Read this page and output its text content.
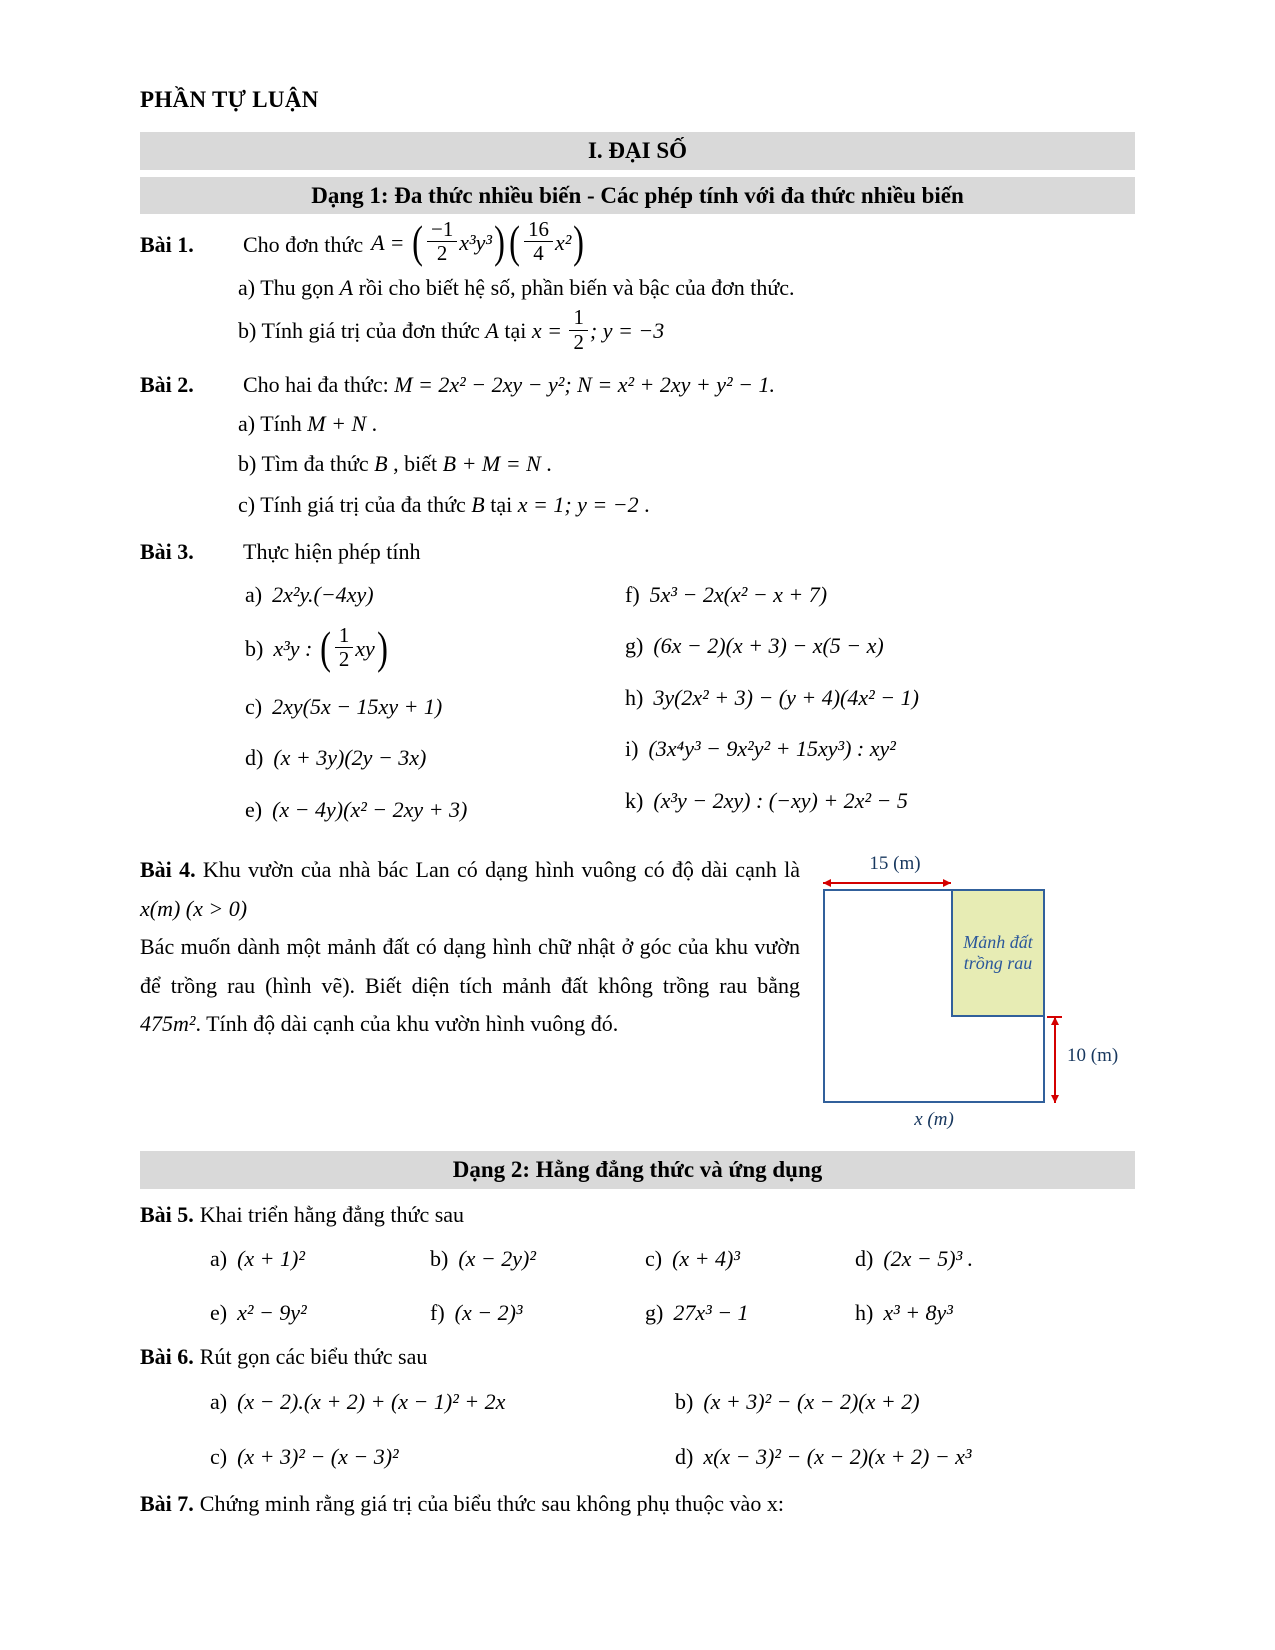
PHẦN TỰ LUẬN
I. ĐẠI SỐ
Dạng 1: Đa thức nhiều biến - Các phép tính với đa thức nhiều biến
Bài 1.	Cho đơn thức A = ( $\frac{-1}{2} x^3y^3)( \frac{16}{4} x^2)$
a) Thu gọn A rồi cho biết hệ số, phần biến và bậc của đơn thức.
b) Tính giá trị của đơn thức A tại $x = \frac{1}{2}$ ; y = −3
Bài 2.	Cho hai đa thức: M = 2x² − 2xy − y²; N = x² + 2xy + y² − 1.
a) Tính M + N .
b) Tìm đa thức B , biết B + M = N .
c) Tính giá trị của đa thức B tại x = 1; y = −2 .
Bài 3.	Thực hiện phép tính
a) 2x²y.(−4xy)
b) x³y : ( $\frac{1}{2} xy$)
c) 2xy(5x − 15xy + 1)
d) (x + 3y)(2y − 3x)
e) (x − 4y)(x² − 2xy + 3)
f) 5x³ − 2x(x² − x + 7)
g) (6x − 2)(x + 3) − x(5 − x)
h) 3y(2x² + 3) − (y + 4)(4x² − 1)
i) (3x⁴y³ − 9x²y² + 15xy³) : xy²
k) (x³y − 2xy) : (−xy) + 2x² − 5
Bài 4. Khu vườn của nhà bác Lan có dạng hình vuông có độ dài cạnh là x(m) (x > 0)
Bác muốn dành một mảnh đất có dạng hình chữ nhật ở góc của khu vườn để trồng rau (hình vẽ). Biết diện tích mảnh đất không trồng rau bằng 475m². Tính độ dài cạnh của khu vườn hình vuông đó.
15 (m)
Mảnh đất trồng rau
10 (m)
x (m)
Dạng 2: Hằng đẳng thức và ứng dụng
Bài 5. Khai triển hằng đẳng thức sau
a) (x + 1)²	b) (x − 2y)²	c) (x + 4)³	d) (2x − 5)³ .
e) x² − 9y²	f) (x − 2)³	g) 27x³ − 1	h) x³ + 8y³
Bài 6. Rút gọn các biểu thức sau
a) (x − 2).(x + 2) + (x − 1)² + 2x	b) (x + 3)² − (x − 2)(x + 2)
c) (x + 3)² − (x − 3)²	d) x(x − 3)² − (x − 2)(x + 2) − x³
Bài 7. Chứng minh rằng giá trị của biểu thức sau không phụ thuộc vào x:
